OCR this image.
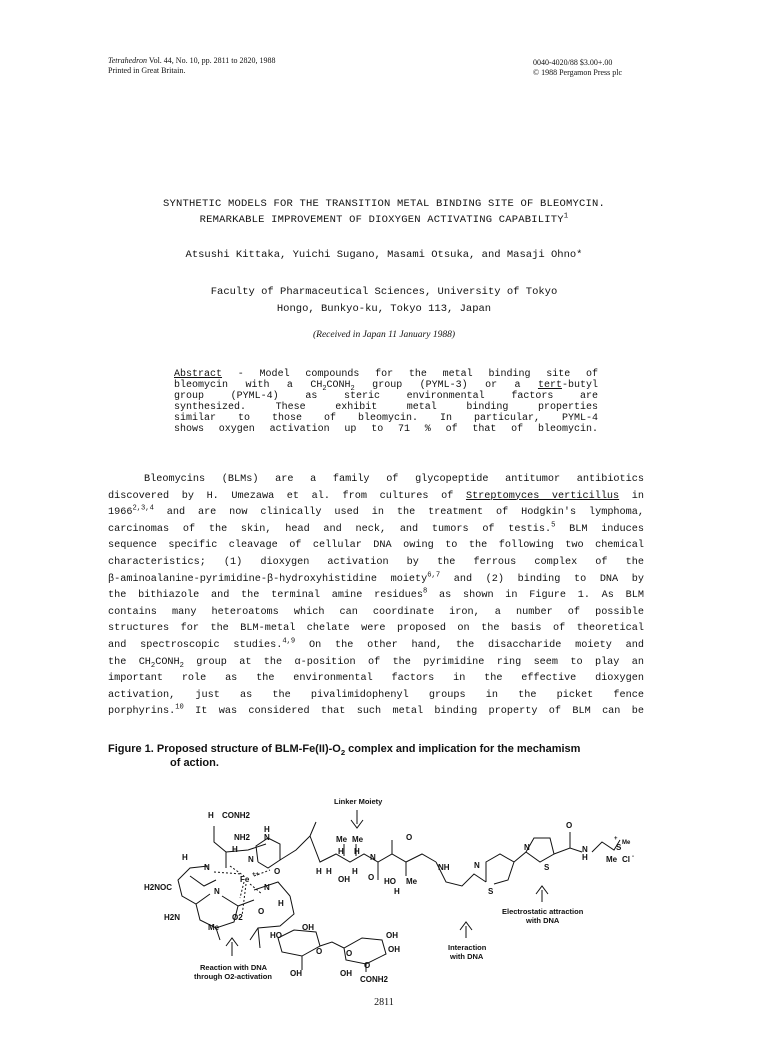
Tetrahedron Vol. 44, No. 10, pp. 2811 to 2820, 1988
Printed in Great Britain.
0040-4020/88 $3.00+.00
© 1988 Pergamon Press plc
SYNTHETIC MODELS FOR THE TRANSITION METAL BINDING SITE OF BLEOMYCIN.
REMARKABLE IMPROVEMENT OF DIOXYGEN ACTIVATING CAPABILITY$^1$
Atsushi Kittaka, Yuichi Sugano, Masami Otsuka, and Masaji Ohno*
Faculty of Pharmaceutical Sciences, University of Tokyo
Hongo, Bunkyo-ku, Tokyo 113, Japan
(Received in Japan 11 January 1988)

Abstract - Model compounds for the metal binding site of

bleomycin with a $CH_2CONH_2$ group (PYML-3) or a tert-butyl

group (PYML-4) as steric environmental factors are

synthesized. These exhibit metal binding properties

similar to those of bleomycin. In particular, PYML-4

shows oxygen activation up to 71 % of that of bleomycin.

Bleomycins (BLMs) are a family of glycopeptide antitumor antibiotics
discovered by H. Umezawa et al. from cultures of Streptomyces verticillus in
1966$^{2,3,4}$ and are now clinically used in the treatment of Hodgkin's lymphoma,
carcinomas of the skin, head and neck, and tumors of testis.$^5$ BLM induces
sequence specific cleavage of cellular DNA owing to the following two chemical
characteristics; (1) dioxygen activation by the ferrous complex of the
β-aminoalanine-pyrimidine-β-hydroxyhistidine moiety$^{6,7}$ and (2) binding to DNA by
the bithiazole and the terminal amine residues$^8$ as shown in Figure 1. As BLM
contains many heteroatoms which can coordinate iron, a number of possible
structures for the BLM-metal chelate were proposed on the basis of theoretical
and spectroscopic studies.$^{4,9}$ On the other hand, the disaccharide moiety and
the $CH_2CONH_2$ group at the α-position of the pyrimidine ring seem to play an
important role as the environmental factors in the effective dioxygen
activation, just as the pivalimidophenyl groups in the picket fence
porphyrins.$^{10}$ It was considered that such metal binding property of BLM can be
Figure 1. Proposed structure of BLM-$Fe(II)-O_2$ complex and implication for the mechamism
of action.
H CONH2
NH2
H
N
H
H
N
Fe ++
N
N
H2NOC
H2N
Me
O2
N
O
H
O
Me Me
H H
H H
OH
H
O
N
O
HO Me
H
NH	N
S
N
S
O
H
N	S
+
Me
Me Cl -
HO
OH
O
OH
O
OH
OH
OH
O
CONH2
Linker Moiety
Electrostatic attraction
with DNA
Interaction
with DNA
Reaction with DNA
through O2-activation
2811
